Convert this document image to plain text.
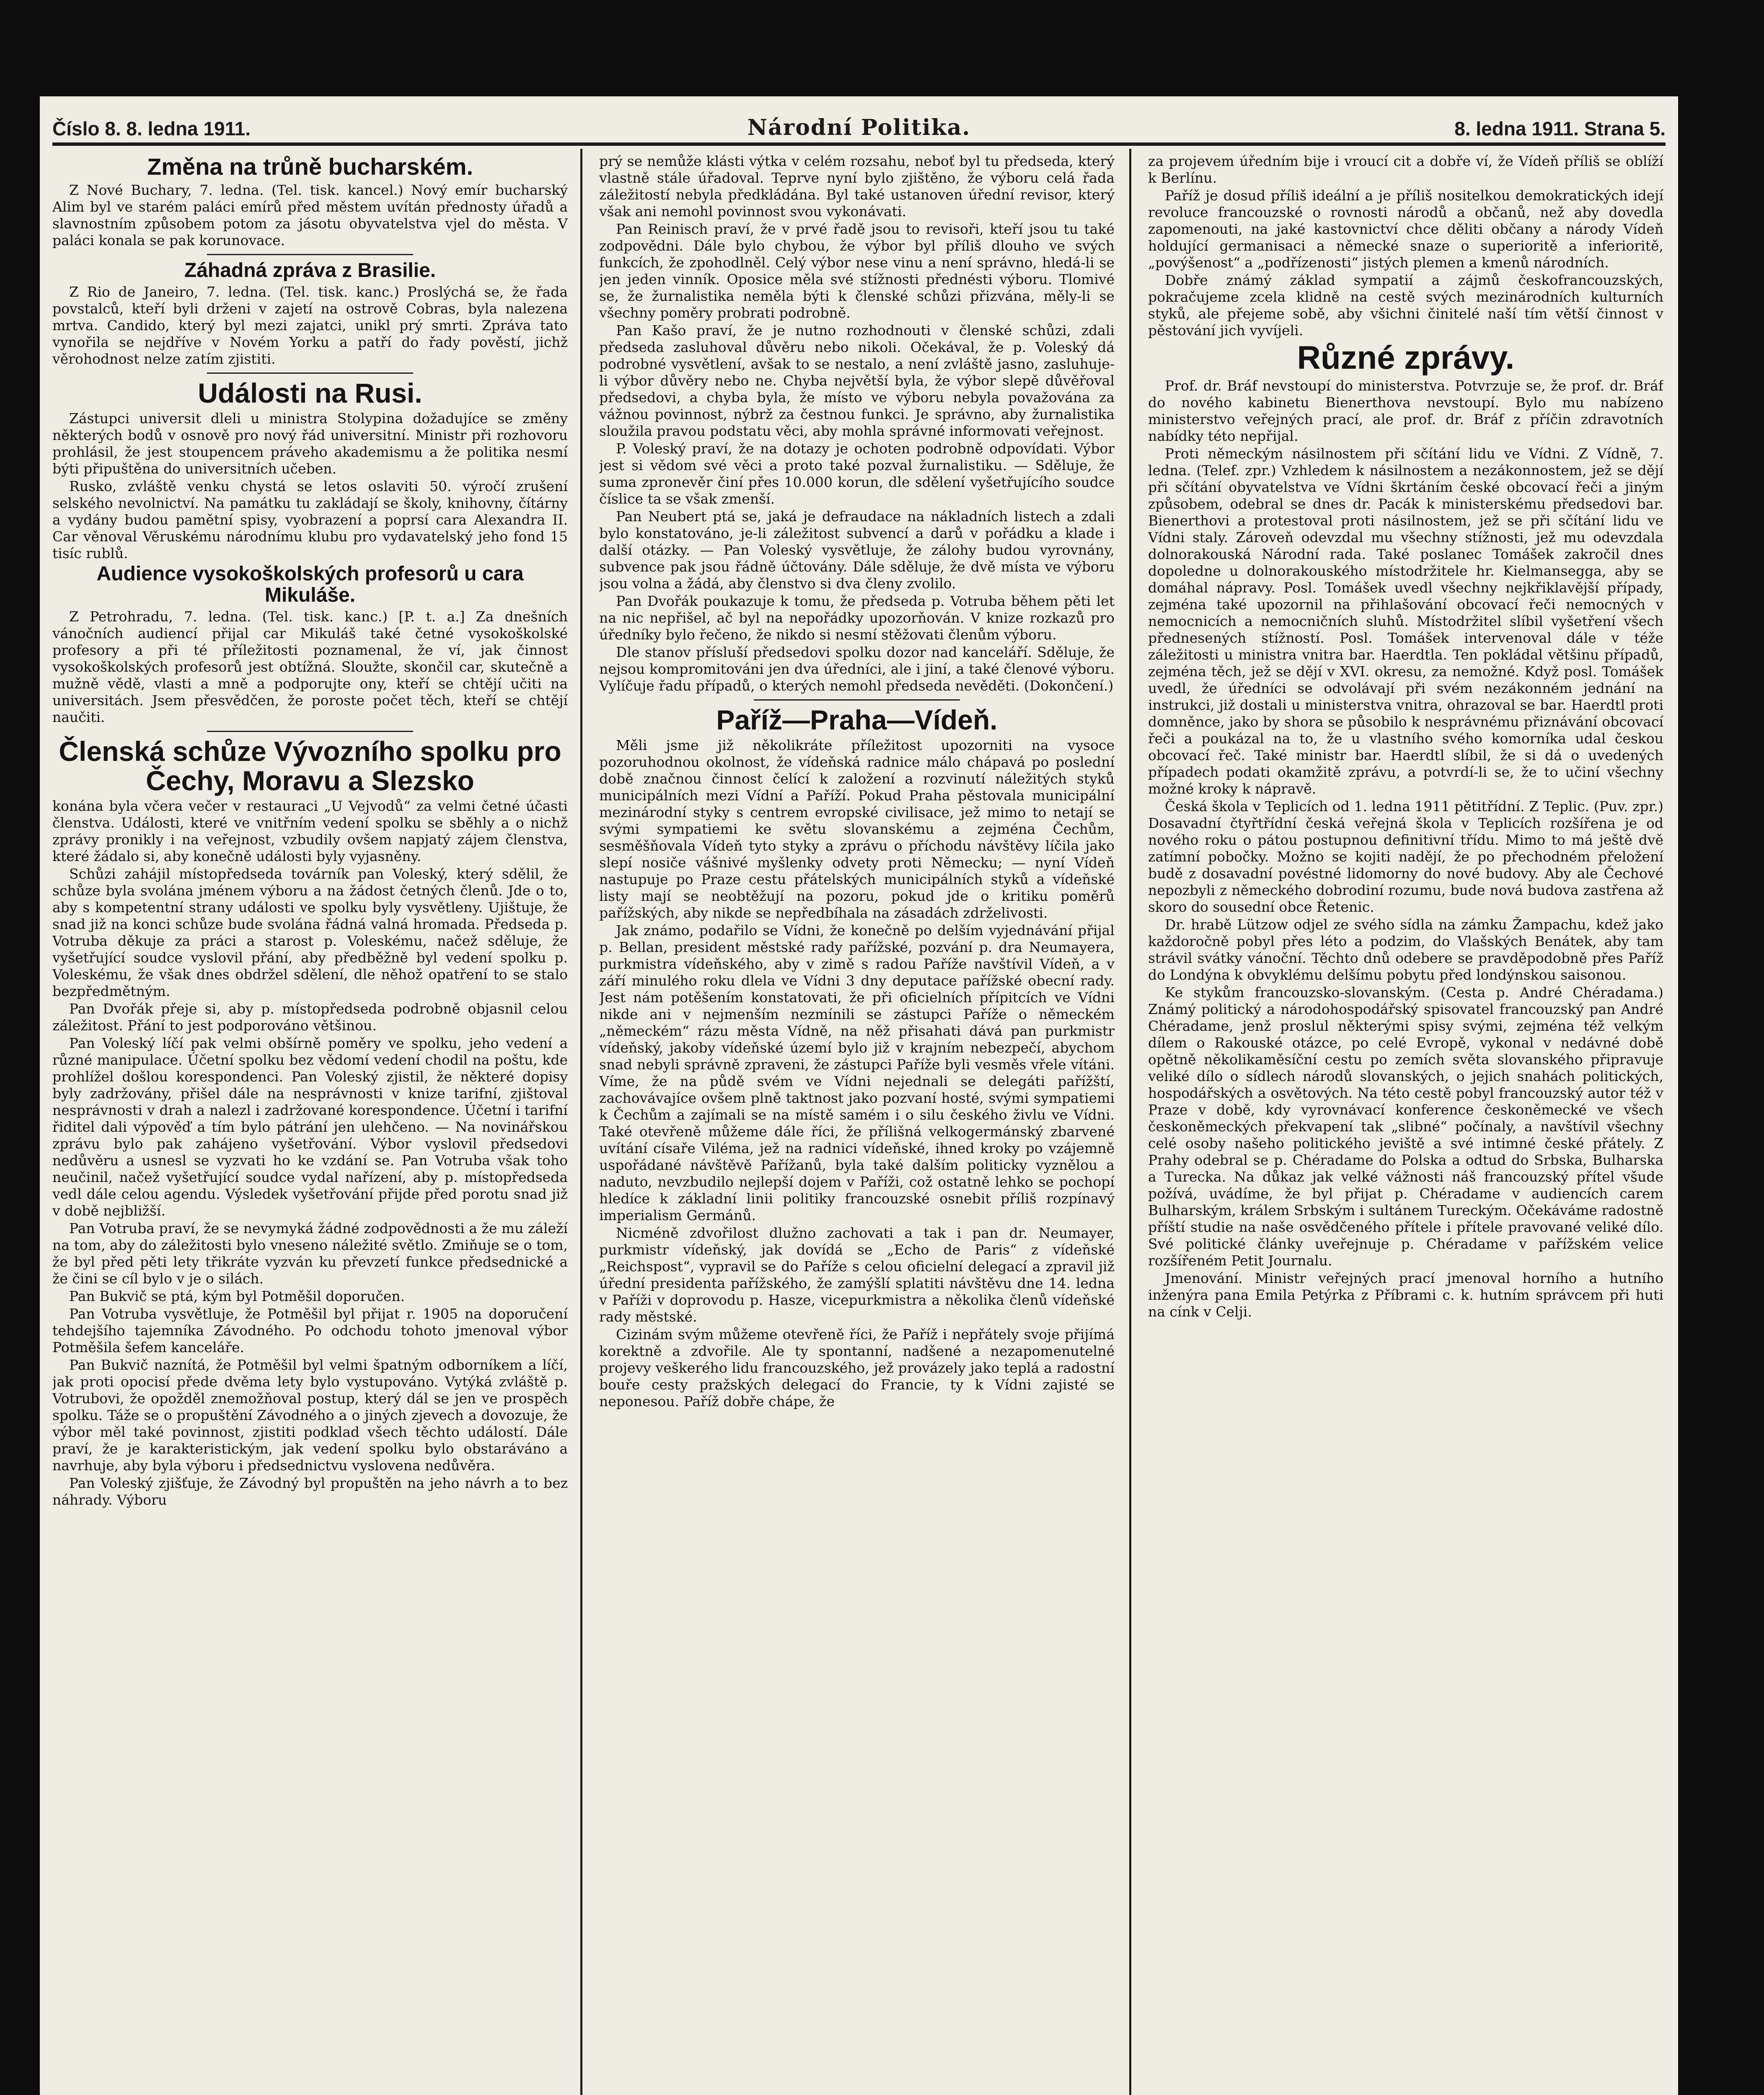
Číslo 8. 8. ledna 1911.	Národní Politika.	8. ledna 1911. Strana 5.
Změna na trůně bucharském.

Z Nové Buchary, 7. ledna. (Tel. tisk. kancel.) Nový emír bucharský Alim byl ve starém paláci emírů před městem uvítán přednosty úřadů a slavnostním způsobem potom za jásotu obyvatelstva vjel do města. V paláci konala se pak korunovace.

Záhadná zpráva z Brasilie.

Z Rio de Janeiro, 7. ledna. (Tel. tisk. kanc.) Proslýchá se, že řada povstalců, kteří byli drženi v zajetí na ostrově Cobras, byla nalezena mrtva. Candido, který byl mezi zajatci, unikl prý smrti. Zpráva tato vynořila se nejdříve v Novém Yorku a patří do řady pověstí, jichž věrohodnost nelze zatím zjistiti.

Události na Rusi.

Zástupci universit dleli u ministra Stolypina dožadujíce se změny některých bodů v osnově pro nový řád universitní. Ministr při rozhovoru prohlásil, že jest stoupencem práveho akademismu a že politika nesmí býti připuštěna do universitních učeben.

Rusko, zvláště venku chystá se letos oslaviti 50. výročí zrušení selského nevolnictví. Na památku tu zakládají se školy, knihovny, čítárny a vydány budou pamětní spisy, vyobrazení a poprsí cara Alexandra II. Car věnoval Věruskému národnímu klubu pro vydavatelský jeho fond 15 tisíc rublů.

Audience vysokoškolských profesorů u cara Mikuláše.

Z Petrohradu, 7. ledna. (Tel. tisk. kanc.) [P. t. a.] Za dnešních vánočních audiencí přijal car Mikuláš také četné vysokoškolské profesory a při té příležitosti poznamenal, že ví, jak činnost vysokoškolských profesorů jest obtížná. Sloužte, skončil car, skutečně a mužně vědě, vlasti a mně a podporujte ony, kteří se chtějí učiti na universitách. Jsem přesvědčen, že poroste počet těch, kteří se chtějí naučiti.

Členská schůze Vývozního spolku pro Čechy, Moravu a Slezsko

konána byla včera večer v restauraci „U Vejvodů“ za velmi četné účasti členstva. Události, které ve vnitřním vedení spolku se sběhly a o nichž zprávy pronikly i na veřejnost, vzbudily ovšem napjatý zájem členstva, které žádalo si, aby konečně události byly vyjasněny.

Schůzi zahájil místopředseda továrník pan Voleský, který sdělil, že schůze byla svolána jménem výboru a na žádost četných členů. Jde o to, aby s kompetentní strany události ve spolku byly vysvětleny. Ujištuje, že snad již na konci schůze bude svolána řádná valná hromada. Předseda p. Votruba děkuje za práci a starost p. Voleskému, načež sděluje, že vyšetřující soudce vyslovil přání, aby předběžně byl vedení spolku p. Voleskému, že však dnes obdržel sdělení, dle něhož opatření to se stalo bezpředmětným.

Pan Dvořák přeje si, aby p. místopředseda podrobně objasnil celou záležitost. Přání to jest podporováno většinou.

Pan Voleský líčí pak velmi obšírně poměry ve spolku, jeho vedení a různé manipulace. Účetní spolku bez vědomí vedení chodil na poštu, kde prohlížel došlou korespondenci. Pan Voleský zjistil, že některé dopisy byly zadržovány, přišel dále na nesprávnosti v knize tarifní, zjištoval nesprávnosti v drah a nalezl i zadržované korespondence. Účetní i tarifní řiditel dali výpověď a tím bylo pátrání jen ulehčeno. — Na novinářskou zprávu bylo pak zahájeno vyšetřování. Výbor vyslovil předsedovi nedůvěru a usnesl se vyzvati ho ke vzdání se. Pan Votruba však toho neučinil, načež vyšetřující soudce vydal nařízení, aby p. místopředseda vedl dále celou agendu. Výsledek vyšetřování přijde před porotu snad již v době nejbližší.

Pan Votruba praví, že se nevymyká žádné zodpovědnosti a že mu záleží na tom, aby do záležitosti bylo vneseno náležité světlo. Zmiňuje se o tom, že byl před pěti lety třikráte vyzván ku převzetí funkce předsednické a že čini se cíl bylo v je o silách.

Pan Bukvič se ptá, kým byl Potměšil doporučen.

Pan Votruba vysvětluje, že Potměšil byl přijat r. 1905 na doporučení tehdejšího tajemníka Závodného. Po odchodu tohoto jmenoval výbor Potměšila šefem kanceláře.

Pan Bukvič naznítá, že Potměšil byl velmi špatným odborníkem a líčí, jak proti opocisí přede dvěma lety bylo vystupováno. Vytýká zvláště p. Votrubovi, že opožděl znemožňoval postup, který dál se jen ve prospěch spolku. Táže se o propuštění Závodného a o jiných zjevech a dovozuje, že výbor měl také povinnost, zjistiti podklad všech těchto událostí. Dále praví, že je karakteristickým, jak vedení spolku bylo obstaráváno a navrhuje, aby byla výboru i předsednictvu vyslovena nedůvěra.

Pan Voleský zjišťuje, že Závodný byl propuštěn na jeho návrh a to bez náhrady. Výboru

prý se nemůže klásti výtka v celém rozsahu, neboť byl tu předseda, který vlastně stále úřadoval. Teprve nyní bylo zjištěno, že výboru celá řada záležitostí nebyla předkládána. Byl také ustanoven úřední revisor, který však ani nemohl povinnost svou vykonávati.

Pan Reinisch praví, že v prvé řadě jsou to revisoři, kteří jsou tu také zodpovědni. Dále bylo chybou, že výbor byl příliš dlouho ve svých funkcích, že zpohodlněl. Celý výbor nese vinu a není správno, hledá-li se jen jeden vinník. Oposice měla své stížnosti přednésti výboru. Tlomivé se, že žurnalistika neměla býti k členské schůzi přizvána, měly-li se všechny poměry probrati podrobně.

Pan Kašo praví, že je nutno rozhodnouti v členské schůzi, zdali předseda zasluhoval důvěru nebo nikoli. Očekával, že p. Voleský dá podrobné vysvětlení, avšak to se nestalo, a není zvláště jasno, zasluhuje-li výbor důvěry nebo ne. Chyba největší byla, že výbor slepě důvěřoval předsedovi, a chyba byla, že místo ve výboru nebyla považována za vážnou povinnost, nýbrž za čestnou funkci. Je správno, aby žurnalistika sloužila pravou podstatu věci, aby mohla správné informovati veřejnost.

P. Voleský praví, že na dotazy je ochoten podrobně odpovídati. Výbor jest si vědom své věci a proto také pozval žurnalistiku. — Sděluje, že suma zpronevěr činí přes 10.000 korun, dle sdělení vyšetřujícího soudce číslice ta se však zmenší.

Pan Neubert ptá se, jaká je defraudace na nákladních listech a zdali bylo konstatováno, je-li záležitost subvencí a darů v pořádku a klade i další otázky. — Pan Voleský vysvětluje, že zálohy budou vyrovnány, subvence pak jsou řádně účtovány. Dále sděluje, že dvě místa ve výboru jsou volna a žádá, aby členstvo si dva členy zvolilo.

Pan Dvořák poukazuje k tomu, že předseda p. Votruba během pěti let na nic nepřišel, ač byl na nepořádky upozorňován. V knize rozkazů pro úředníky bylo řečeno, že nikdo si nesmí stěžovati členům výboru.

Dle stanov přísluší předsedovi spolku dozor nad kanceláří. Sděluje, že nejsou kompromitováni jen dva úředníci, ale i jiní, a také členové výboru. Vylíčuje řadu případů, o kterých nemohl předseda nevěděti. (Dokončení.)

Paříž—Praha—Vídeň.

Měli jsme již několikráte příležitost upozorniti na vysoce pozoruhodnou okolnost, že vídeňská radnice málo chápavá po poslední době značnou činnost čelící k založení a rozvinutí náležitých styků municipálních mezi Vídní a Paříží. Pokud Praha pěstovala municipální mezinárodní styky s centrem evropské civilisace, jež mimo to netají se svými sympatiemi ke světu slovanskému a zejména Čechům, sesměšňovala Vídeň tyto styky a zprávu o příchodu návštěvy líčila jako slepí nosiče vášnivé myšlenky odvety proti Německu; — nyní Vídeň nastupuje po Praze cestu přátelských municipálních styků a vídeňské listy mají se neobtěžují na pozoru, pokud jde o kritiku poměrů pařížských, aby nikde se nepředbíhala na zásadách zdrželivosti.

Jak známo, podařilo se Vídni, že konečně po delším vyjednávání přijal p. Bellan, president městské rady pařížské, pozvání p. dra Neumayera, purkmistra vídeňského, aby v zimě s radou Paříže navštívil Vídeň, a v září minulého roku dlela ve Vídni 3 dny deputace pařížské obecní rady. Jest nám potěšením konstatovati, že při oficielních přípitcích ve Vídni nikde ani v nejmenším nezmínili se zástupci Paříže o německém „německém“ rázu města Vídně, na něž přisahati dává pan purkmistr vídeňský, jakoby vídeňské území bylo již v krajním nebezpečí, abychom snad nebyli správně zpraveni, že zástupci Paříže byli vesměs vřele vítáni. Víme, že na půdě svém ve Vídni nejednali se delegáti pařížští, zachovávajíce ovšem plně taktnost jako pozvaní hosté, svými sympatiemi k Čechům a zajímali se na místě samém i o silu českého živlu ve Vídni. Také otevřeně můžeme dále říci, že přílišná velkogermánský zbarvené uvítání císaře Viléma, jež na radnici vídeňské, ihned kroky po vzájemně uspořádané návštěvě Pařížanů, byla také dalším politicky vyznělou a naduto, nevzbudilo nejlepší dojem v Paříži, což ostatně lehko se pochopí hledíce k základní linii politiky francouzské osnebit příliš rozpínavý imperialism Germánů.

Nicméně zdvořilost dlužno zachovati a tak i pan dr. Neumayer, purkmistr vídeňský, jak dovídá se „Echo de Paris“ z vídeňské „Reichspost“, vypravil se do Paříže s celou oficielní delegací a zpravil již úřední presidenta pařížského, že zamýšlí splatiti návštěvu dne 14. ledna v Paříži v doprovodu p. Hasze, vicepurkmistra a několika členů vídeňské rady městské.

Cizinám svým můžeme otevřeně říci, že Paříž i nepřátely svoje přijímá korektně a zdvořile. Ale ty spontanní, nadšené a nezapomenutelné projevy veškerého lidu francouzského, jež provázely jako teplá a radostní bouře cesty pražských delegací do Francie, ty k Vídni zajisté se neponesou. Paříž dobře chápe, že

za projevem úředním bije i vroucí cit a dobře ví, že Vídeň příliš se oblíží k Berlínu.

Paříž je dosud příliš ideální a je příliš nositelkou demokratických idejí revoluce francouzské o rovnosti národů a občanů, než aby dovedla zapomenouti, na jaké kastovnictví chce děliti občany a národy Vídeň holdující germanisaci a německé snaze o superioritě a inferioritě, „povýšenost“ a „podřízenosti“ jistých plemen a kmenů národních.

Dobře známý základ sympatií a zájmů českofrancouzských, pokračujeme zcela klidně na cestě svých mezinárodních kulturních styků, ale přejeme sobě, aby všichni činitelé naší tím větší činnost v pěstování jich vyvíjeli.

Různé zprávy.

Prof. dr. Bráf nevstoupí do ministerstva. Potvrzuje se, že prof. dr. Bráf do nového kabinetu Bienerthova nevstoupí. Bylo mu nabízeno ministerstvo veřejných prací, ale prof. dr. Bráf z příčin zdravotních nabídky této nepřijal.

Proti německým násilnostem při sčítání lidu ve Vídni. Z Vídně, 7. ledna. (Telef. zpr.) Vzhledem k násilnostem a nezákonnostem, jež se dějí při sčítání obyvatelstva ve Vídni škrtáním české obcovací řeči a jiným způsobem, odebral se dnes dr. Pacák k ministerskému předsedovi bar. Bienerthovi a protestoval proti násilnostem, jež se při sčítání lidu ve Vídni staly. Zároveň odevzdal mu všechny stížnosti, jež mu odevzdala dolnorakouská Národní rada. Také poslanec Tomášek zakročil dnes dopoledne u dolnorakouského místodržitele hr. Kielmansegga, aby se domáhal nápravy. Posl. Tomášek uvedl všechny nejkřiklavější případy, zejména také upozornil na přihlašování obcovací řeči nemocných v nemocnicích a nemocničních sluhů. Místodržitel slíbil vyšetření všech přednesených stížností. Posl. Tomášek intervenoval dále v téže záležitosti u ministra vnitra bar. Haerdtla. Ten pokládal většinu případů, zejména těch, jež se dějí v XVI. okresu, za nemožné. Když posl. Tomášek uvedl, že úředníci se odvolávají při svém nezákonném jednání na instrukci, již dostali u ministerstva vnitra, ohrazoval se bar. Haerdtl proti domněnce, jako by shora se působilo k nesprávnému přiznávání obcovací řeči a poukázal na to, že u vlastního svého komorníka udal českou obcovací řeč. Také ministr bar. Haerdtl slíbil, že si dá o uvedených případech podati okamžitě zprávu, a potvrdí-li se, že to učiní všechny možné kroky k nápravě.

Česká škola v Teplicích od 1. ledna 1911 pětitřídní. Z Teplic. (Puv. zpr.) Dosavadní čtyřtřídní česká veřejná škola v Teplicích rozšířena je od nového roku o pátou postupnou definitivní třídu. Mimo to má ještě dvě zatímní pobočky. Možno se kojiti nadějí, že po přechodném přeložení budě z dosavadní povéstné lidomorny do nové budovy. Aby ale Čechové nepozbyli z německého dobrodiní rozumu, bude nová budova zastřena až skoro do sousední obce Řetenic.

Dr. hrabě Lützow odjel ze svého sídla na zámku Žampachu, kdež jako každoročně pobyl přes léto a podzim, do Vlašských Benátek, aby tam strávil svátky vánoční. Těchto dnů odebere se pravděpodobně přes Paříž do Londýna k obvyklému delšímu pobytu před londýnskou saisonou.

Ke stykům francouzsko-slovanským. (Cesta p. André Chéradama.) Známý politický a národohospodářský spisovatel francouzský pan André Chéradame, jenž proslul některými spisy svými, zejména též velkým dílem o Rakouské otázce, po celé Evropě, vykonal v nedávné době opětně několikaměsíční cestu po zemích světa slovanského připravuje veliké dílo o sídlech národů slovanských, o jejich snahách politických, hospodářských a osvětových. Na této cestě pobyl francouzský autor též v Praze v době, kdy vyrovnávací konference českoněmecké ve všech českoněmeckých překvapení tak „slibné“ počínaly, a navštívil všechny celé osoby našeho politického jeviště a své intimné české přátely. Z Prahy odebral se p. Chéradame do Polska a odtud do Srbska, Bulharska a Turecka. Na důkaz jak velké vážnosti náš francouzský přítel všude požívá, uvádíme, že byl přijat p. Chéradame v audiencích carem Bulharským, králem Srbským i sultánem Tureckým. Očekáváme radostně příští studie na naše osvědčeného přítele i přítele pravované veliké dílo. Své politické články uveřejnuje p. Chéradame v pařížském velice rozšířeném Petit Journalu.

Jmenování. Ministr veřejných prací jmenoval horního a hutního inženýra pana Emila Petýrka z Příbrami c. k. hutním správcem při huti na cínk v Celji.
